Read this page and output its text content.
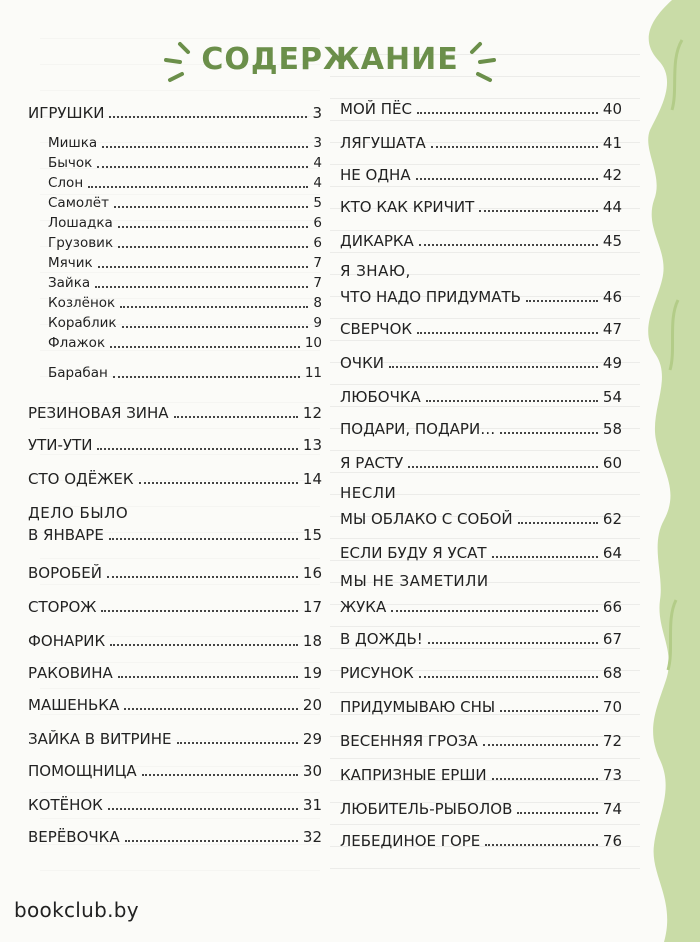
СОДЕРЖАНИЕ
ИГРУШКИ	3
Мишка	3
Бычок	4
Слон	4
Самолёт	5
Лошадка	6
Грузовик	6
Мячик	7
Зайка	7
Козлёнок	8
Кораблик	9
Флажок	10
Барабан	11
РЕЗИНОВАЯ ЗИНА	12
УТИ-УТИ	13
СТО ОДЁЖЕК	14
ДЕЛО БЫЛО
В ЯНВАРЕ	15
ВОРОБЕЙ	16
СТОРОЖ	17
ФОНАРИК	18
РАКОВИНА	19
МАШЕНЬКА	20
ЗАЙКА В ВИТРИНЕ	29
ПОМОЩНИЦА	30
КОТЁНОК	31
ВЕРЁВОЧКА	32
МОЙ ПЁС	40
ЛЯГУШАТА	41
НЕ ОДНА	42
КТО КАК КРИЧИТ	44
ДИКАРКА	45
Я ЗНАЮ,
ЧТО НАДО ПРИДУМАТЬ	46
СВЕРЧОК	47
ОЧКИ	49
ЛЮБОЧКА	54
ПОДАРИ, ПОДАРИ…	58
Я РАСТУ	60
НЕСЛИ
МЫ ОБЛАКО С СОБОЙ	62
ЕСЛИ БУДУ Я УСАТ	64
МЫ НЕ ЗАМЕТИЛИ
ЖУКА	66
В ДОЖДЬ!	67
РИСУНОК	68
ПРИДУМЫВАЮ СНЫ	70
ВЕСЕННЯЯ ГРОЗА	72
КАПРИЗНЫЕ ЕРШИ	73
ЛЮБИТЕЛЬ-РЫБОЛОВ	74
ЛЕБЕДИНОЕ ГОРЕ	76
bookclub.by
